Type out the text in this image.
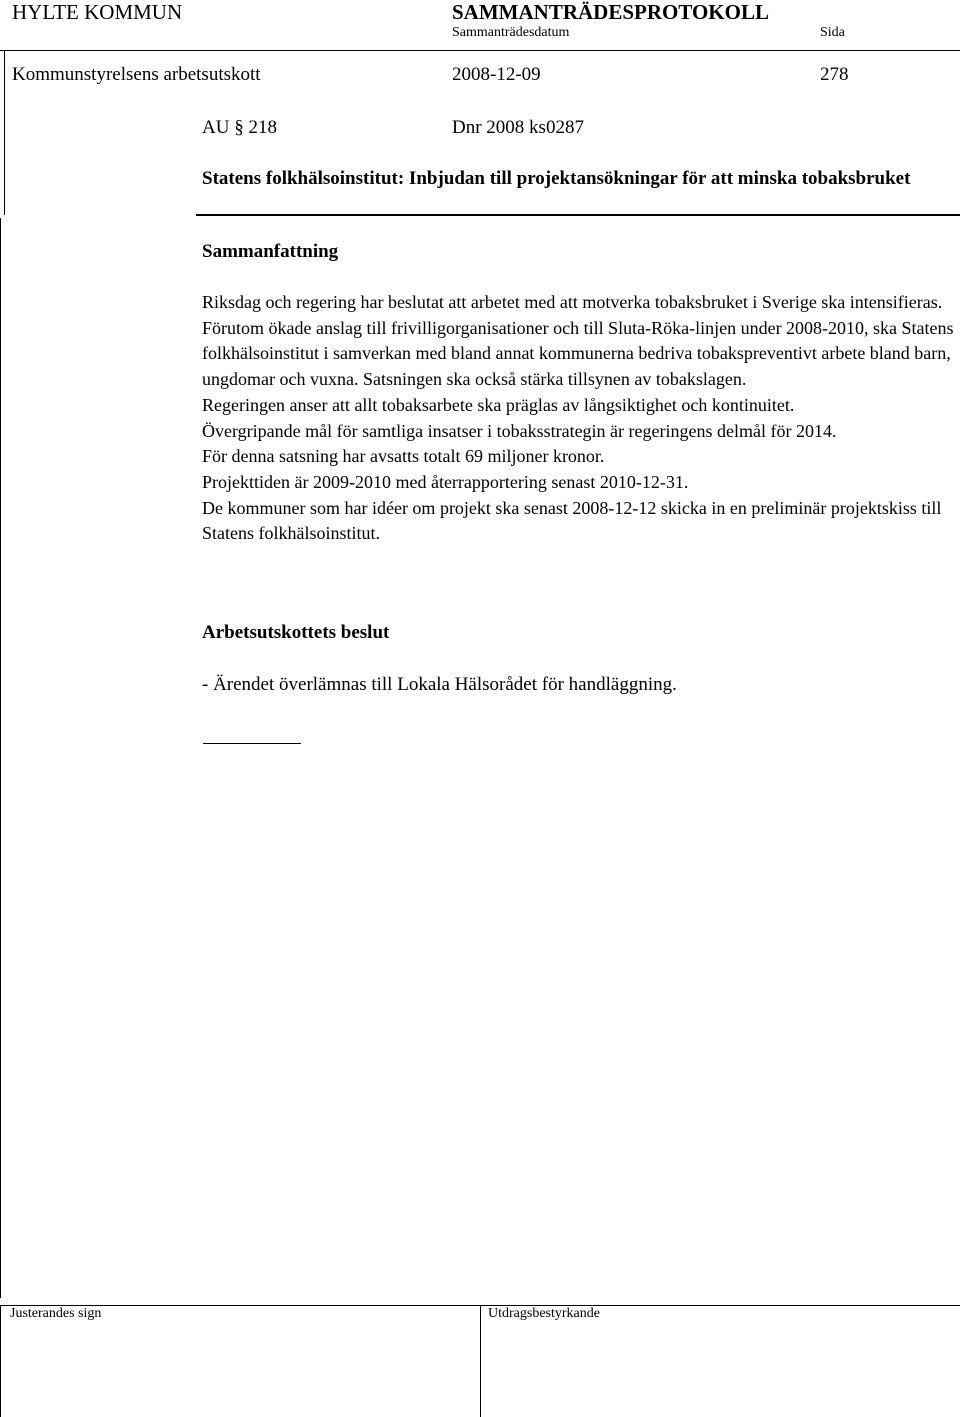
HYLTE KOMMUN	SAMMANTRÄDESPROTOKOLL
Sammanträdesdatum	Sida
Kommunstyrelsens arbetsutskott	2008-12-09	278
AU § 218	Dnr 2008 ks0287
Statens folkhälsoinstitut: Inbjudan till projektansökningar för att minska tobaksbruket
Sammanfattning

Riksdag och regering har beslutat att arbetet med att motverka tobaksbruket i Sverige ska intensifieras. Förutom ökade anslag till frivilligorganisationer och till Sluta-Röka-linjen under 2008-2010, ska Statens folkhälsoinstitut i samverkan med bland annat kommunerna bedriva tobakspreventivt arbete bland barn, ungdomar och vuxna. Satsningen ska också stärka tillsynen av tobakslagen.

Regeringen anser att allt tobaksarbete ska präglas av långsiktighet och kontinuitet.

Övergripande mål för samtliga insatser i tobaksstrategin är regeringens delmål för 2014.

För denna satsning har avsatts totalt 69 miljoner kronor.

Projekttiden är 2009-2010 med återrapportering senast 2010-12-31.

De kommuner som har idéer om projekt ska senast 2008-12-12 skicka in en preliminär projektskiss till Statens folkhälsoinstitut.

Arbetsutskottets beslut
- Ärendet överlämnas till Lokala Hälsorådet för handläggning.
Justerandes sign	Utdragsbestyrkande
